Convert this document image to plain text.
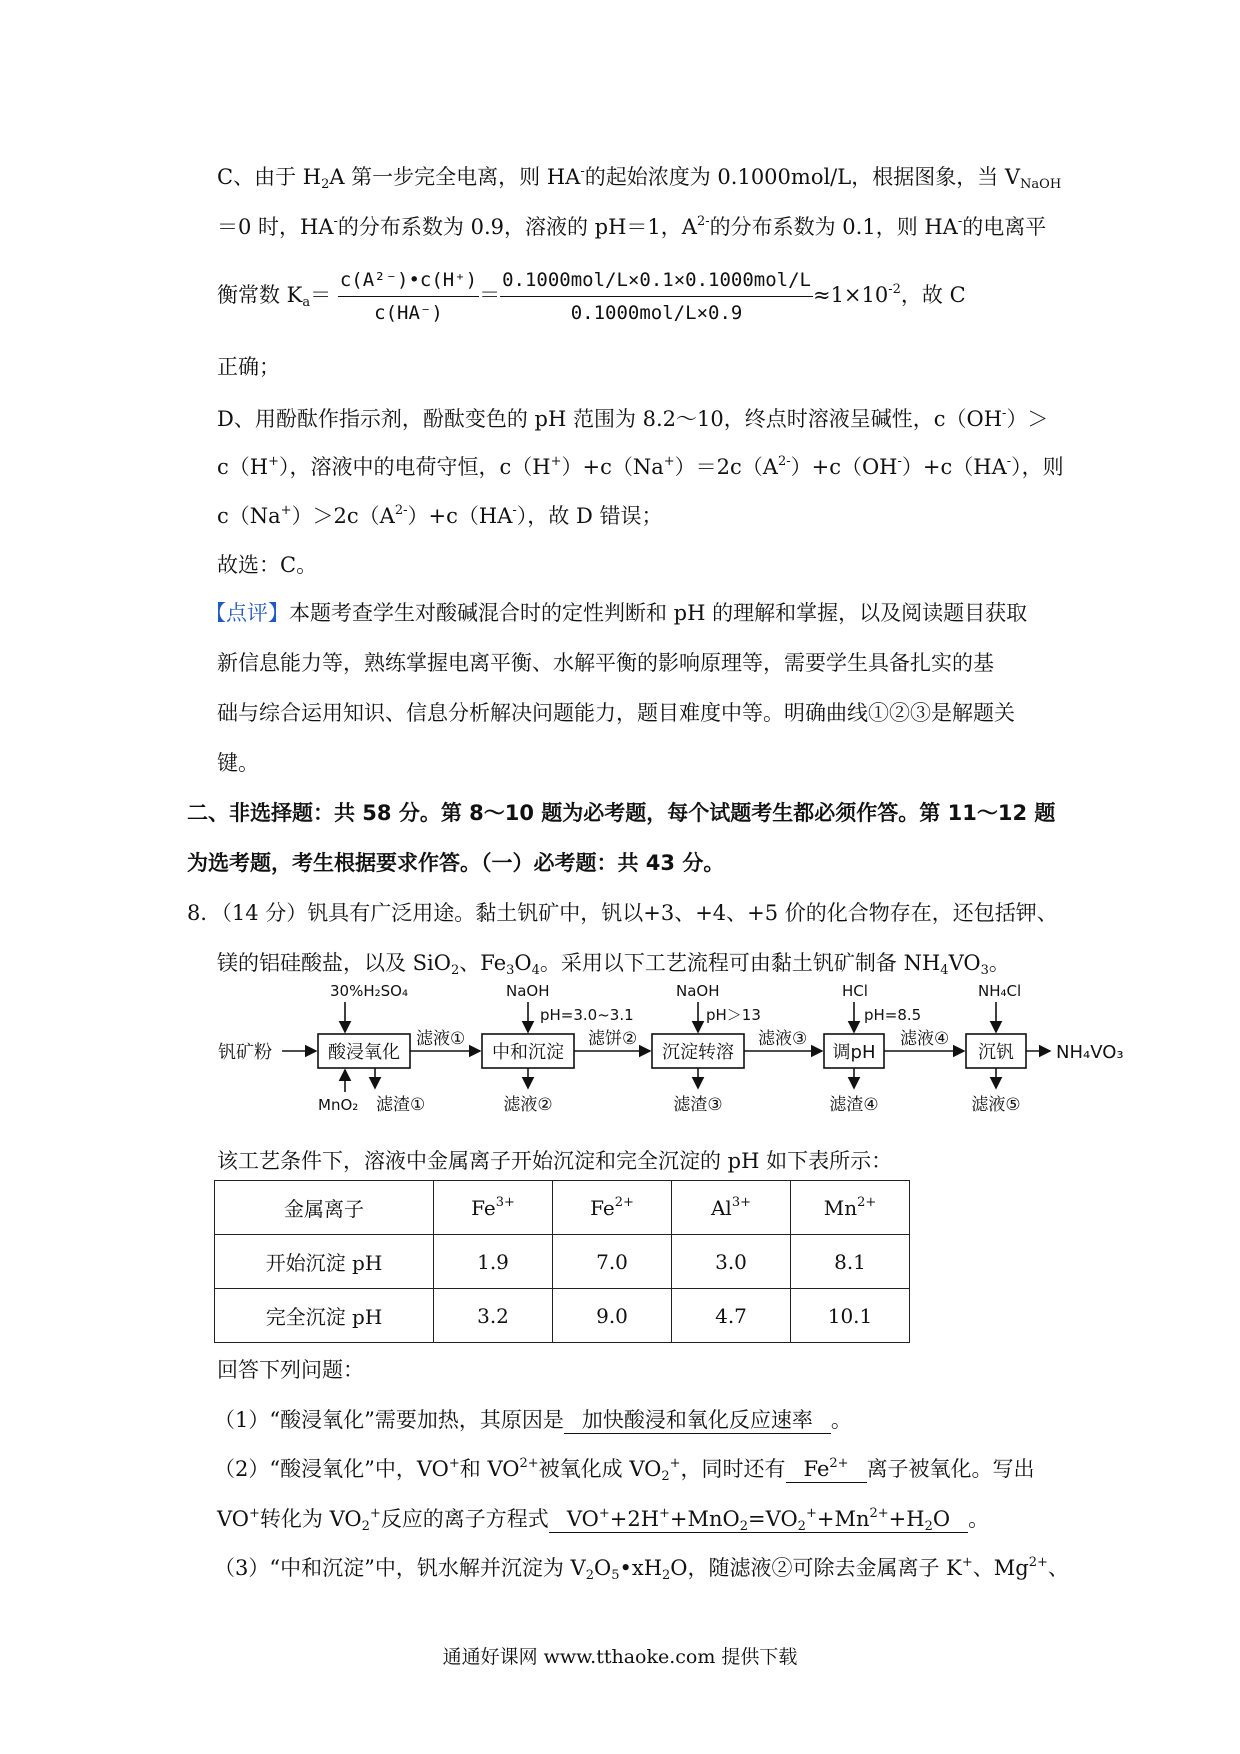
C、由于 $H_2A$ 第一步完全电离，则 HA-的起始浓度为 0.1000mol/L，根据图象，当 $V_{NaOH}$
＝0 时，HA-的分布系数为 0.9，溶液的 pH＝1，$A^{2-}$的分布系数为 0.1，则 HA-的电离平
衡常数 $K_a= \frac{\text{c(A²⁻)•c(H⁺)}}{c(HA^-)} = \frac{\text{0.1000mol/L×0.1×0.1000mol/L}}{\text{0.1000mol/L×0.9}} \approx 1\times 10^{-2}$，故 C
正确；
D、用酚酞作指示剂，酚酞变色的 pH 范围为 8.2～10，终点时溶液呈碱性，c（OH-）＞
c（H+），溶液中的电荷守恒，$c(H^+)+c(Na^+)=2c(A^{2-})+c(OH^-)+c(HA^-)$，则
$c(Na^+)>2c(A^{2-})+c(HA^-)$，故 D 错误；
故选：C。
【点评】本题考查学生对酸碱混合时的定性判断和 pH 的理解和掌握，以及阅读题目获取
新信息能力等，熟练掌握电离平衡、水解平衡的影响原理等，需要学生具备扎实的基
础与综合运用知识、信息分析解决问题能力，题目难度中等。明确曲线①②③是解题关
键。
二、非选择题：共 58 分。第 8～10 题为必考题，每个试题考生都必须作答。第 11～12 题
为选考题，考生根据要求作答。（一）必考题：共 43 分。
8．（14 分）钒具有广泛用途。黏土钒矿中，钒以+3、+4、+5 价的化合物存在，还包括钾、
镁的铝硅酸盐，以及 SiO$_2$、$Fe_3O_4$。采用以下工艺流程可由黏土钒矿制备 $NH_4VO_3$。
钒矿粉	酸浸氧化	中和沉淀	沉淀转溶	调pH	沉钒 NH₄VO₃
30%H₂SO₄
MnO₂
NaOH
pH=3.0~3.1
NaOH
pH＞13
HCl
pH=8.5
NH₄Cl
滤液①	滤饼②	滤液③	滤液④
滤渣①	滤液②	滤渣③	滤渣④	滤液⑤
该工艺条件下，溶液中金属离子开始沉淀和完全沉淀的 pH 如下表所示：
金属离子	$Fe^{3+}$	$Fe^{2+}$	$Al^{3+}$	$Mn^{2+}$
开始沉淀 pH	1.9	7.0	3.0	8.1
完全沉淀 pH	3.2	9.0	4.7	10.1
回答下列问题：
（1）“酸浸氧化”需要加热，其原因是 加快酸浸和氧化反应速率 。
（2）“酸浸氧化”中，VO+和 $VO^{2+}$被氧化成 $VO_2^+$，同时还有 $Fe^{2+}$ 离子被氧化。写出
VO+转化为 $VO_2^+$反应的离子方程式 $VO^++2H^++MnO_2=VO_2^++Mn^{2+}+H_2O$ 。
（3）“中和沉淀”中，钒水解并沉淀为 $V_2O_5•xH_2O$，随滤液②可除去金属离子 K+、$Mg^{2+}$、
通通好课网 www.tthaoke.com 提供下载
